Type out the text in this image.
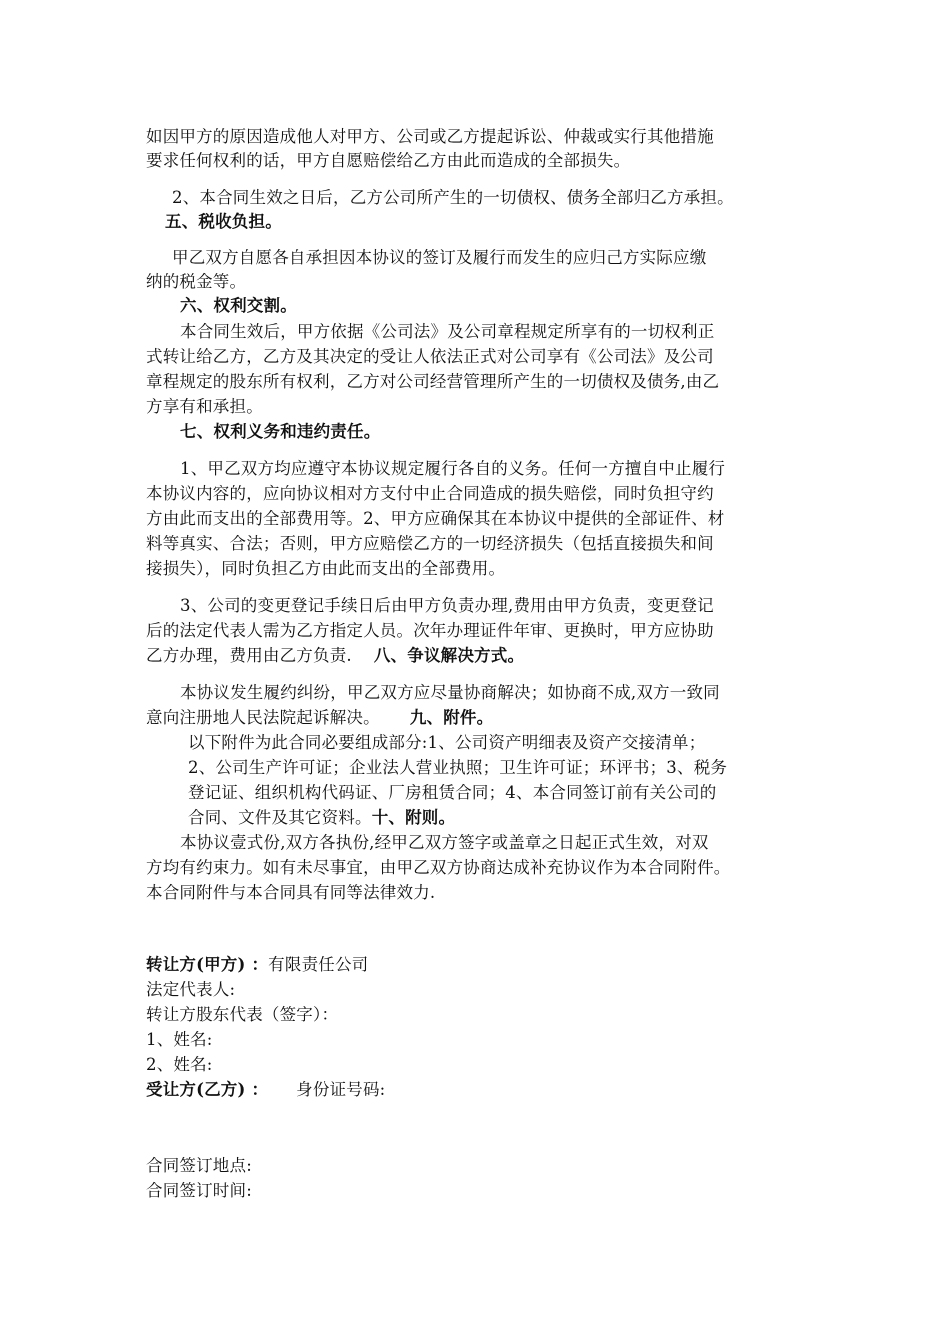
如因甲方的原因造成他人对甲方、公司或乙方提起诉讼、仲裁或实行其他措施
要求任何权利的话，甲方自愿赔偿给乙方由此而造成的全部损失。
2、本合同生效之日后，乙方公司所产生的一切债权、债务全部归乙方承担。
五、税收负担。
甲乙双方自愿各自承担因本协议的签订及履行而发生的应归己方实际应缴
纳的税金等。
六、权利交割。
本合同生效后，甲方依据《公司法》及公司章程规定所享有的一切权利正
式转让给乙方，乙方及其决定的受让人依法正式对公司享有《公司法》及公司
章程规定的股东所有权利，乙方对公司经营管理所产生的一切债权及债务,由乙
方享有和承担。
七、权利义务和违约责任。
1、甲乙双方均应遵守本协议规定履行各自的义务。任何一方擅自中止履行
本协议内容的，应向协议相对方支付中止合同造成的损失赔偿，同时负担守约
方由此而支出的全部费用等。2、甲方应确保其在本协议中提供的全部证件、材
料等真实、合法；否则，甲方应赔偿乙方的一切经济损失（包括直接损失和间
接损失），同时负担乙方由此而支出的全部费用。
3、公司的变更登记手续日后由甲方负责办理,费用由甲方负责，变更登记
后的法定代表人需为乙方指定人员。次年办理证件年审、更换时，甲方应协助
乙方办理，费用由乙方负责. 八、争议解决方式。
本协议发生履约纠纷，甲乙双方应尽量协商解决；如协商不成,双方一致同
意向注册地人民法院起诉解决。 九、附件。
以下附件为此合同必要组成部分:1、公司资产明细表及资产交接清单；
2、公司生产许可证；企业法人营业执照；卫生许可证；环评书；3、税务
登记证、组织机构代码证、厂房租赁合同；4、本合同签订前有关公司的
合同、文件及其它资料。十、附则。
本协议壹式份,双方各执份,经甲乙双方签字或盖章之日起正式生效，对双
方均有约束力。如有未尽事宜，由甲乙双方协商达成补充协议作为本合同附件。
本合同附件与本合同具有同等法律效力.
转让方(甲方) ：有限责任公司
法定代表人:
转让方股东代表（签字）：
1、姓名:
2、姓名:
受让方(乙方) ： 身份证号码:
合同签订地点:
合同签订时间:
